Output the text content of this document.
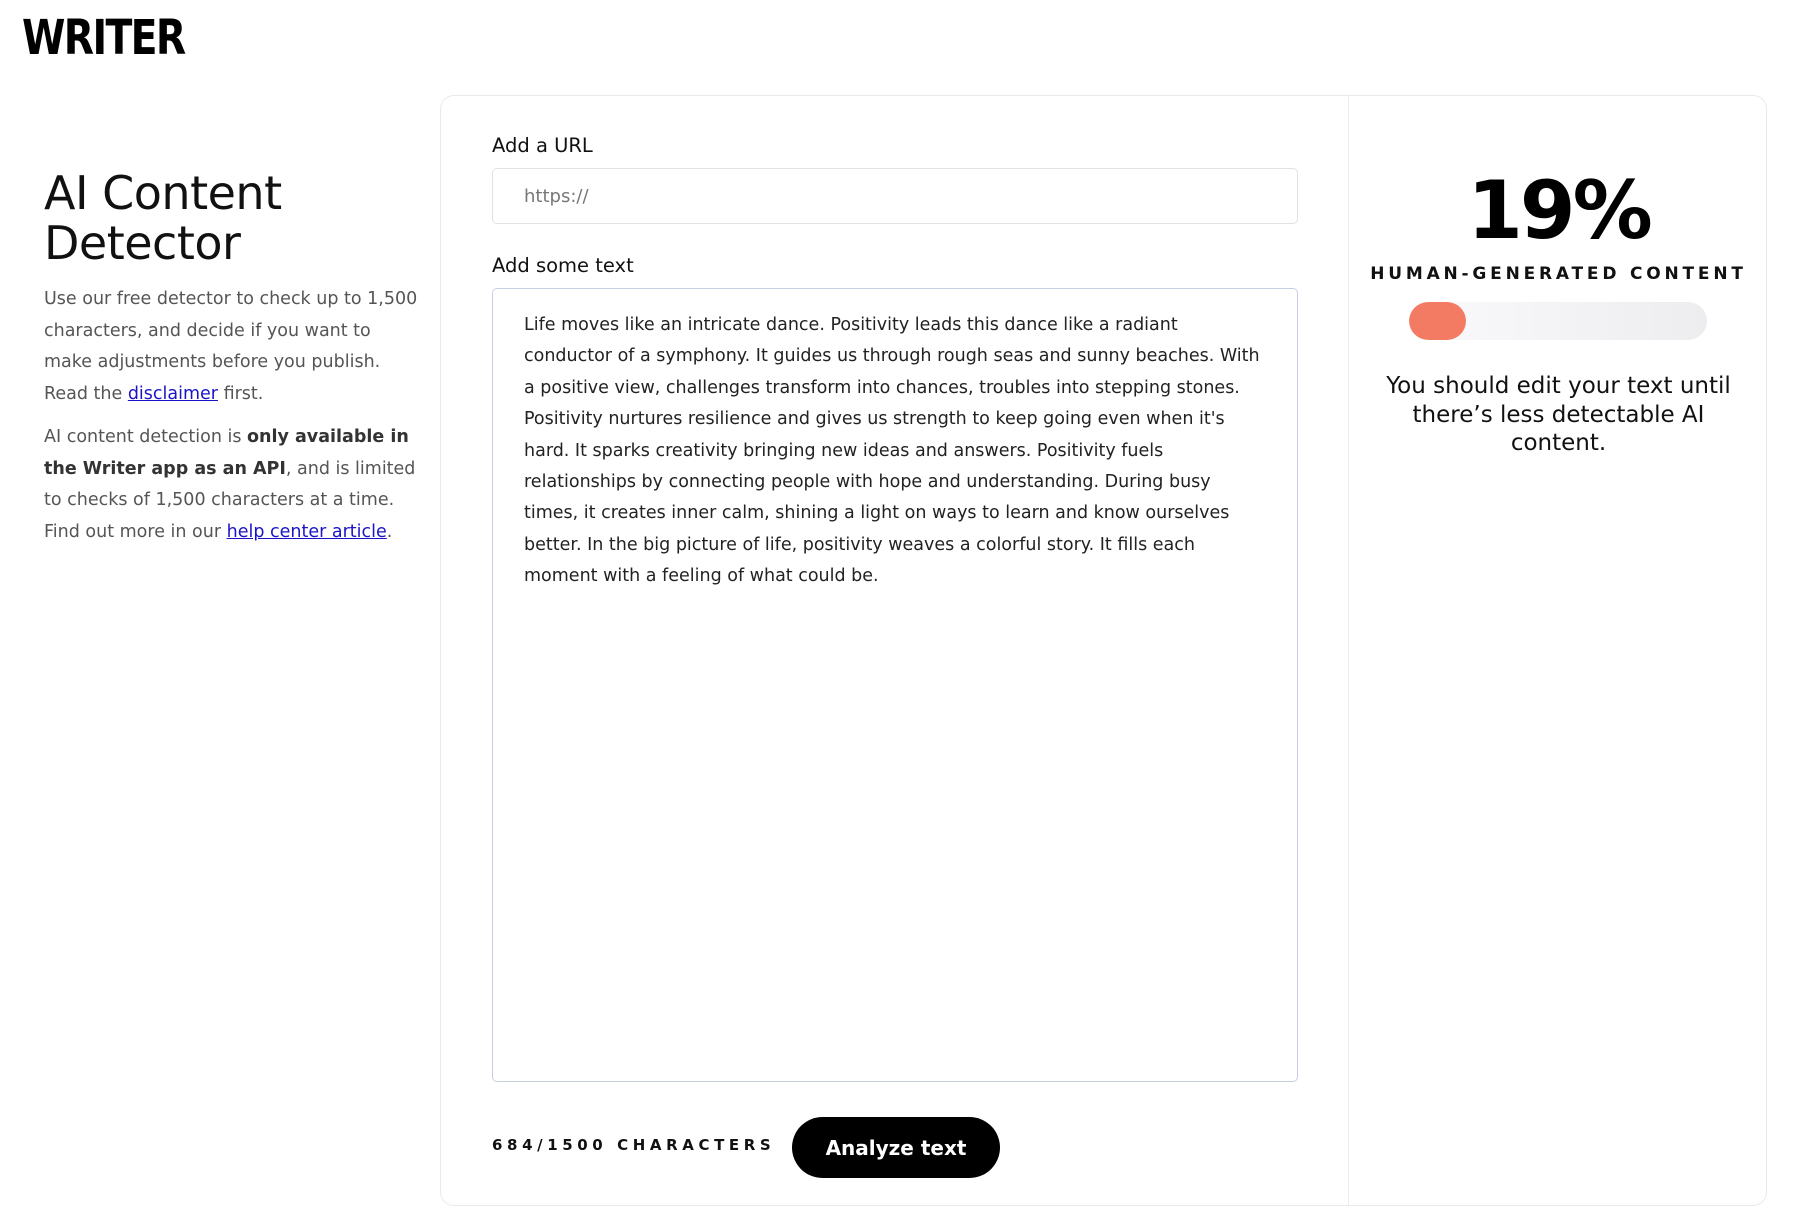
WRITER
AI Content Detector

Use our free detector to check up to 1,500 characters, and decide if you want to make adjustments before you publish. Read the disclaimer first.

AI content detection is only available in the Writer app as an API, and is limited to checks of 1,500 characters at a time. Find out more in our help center article.

Add a URL
https://
Add some text
Life moves like an intricate dance. Positivity leads this dance like a radiant conductor of a symphony. It guides us through rough seas and sunny beaches. With a positive view, challenges transform into chances, troubles into stepping stones. Positivity nurtures resilience and gives us strength to keep going even when it's hard. It sparks creativity bringing new ideas and answers. Positivity fuels relationships by connecting people with hope and understanding. During busy times, it creates inner calm, shining a light on ways to learn and know ourselves better. In the big picture of life, positivity weaves a colorful story. It fills each moment with a feeling of what could be.
684/1500 CHARACTERS	Analyze text
19%
HUMAN-GENERATED CONTENT
You should edit your text until there’s less detectable AI content.
